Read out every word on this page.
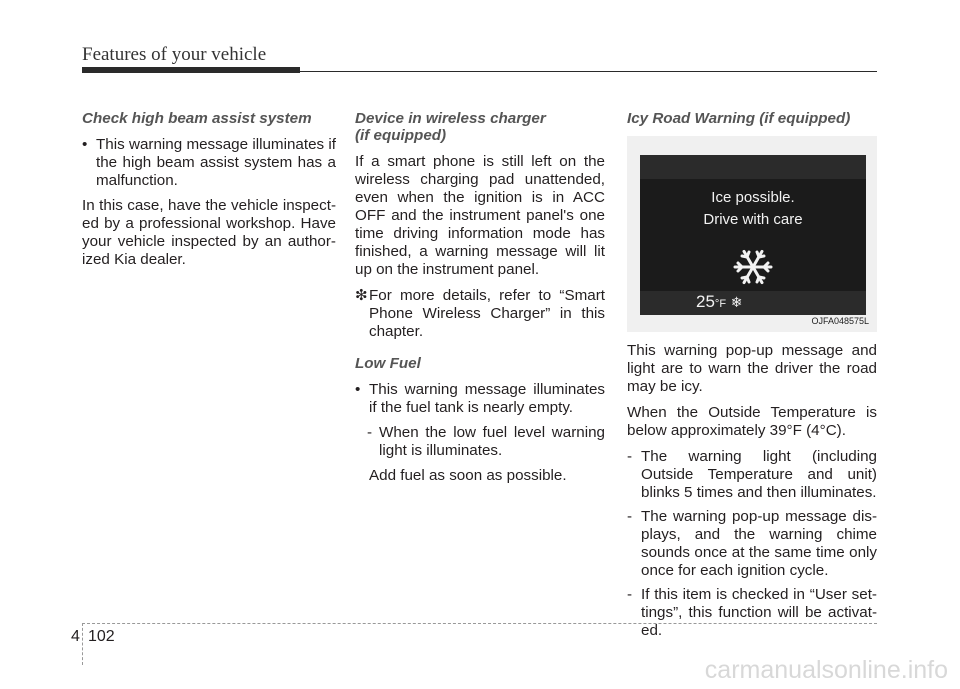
Features of your vehicle
Check high beam assist system
• This warning message illuminates if the high beam assist system has a malfunction.

In this case, have the vehicle inspect-ed by a professional workshop. Have your vehicle inspected by an author-ized Kia dealer.

Device in wireless charger
(if equipped)

If a smart phone is still left on the wireless charging pad unattended, even when the ignition is in ACC OFF and the instrument panel's one time driving information mode has finished, a warning message will lit up on the instrument panel.

❇ For more details, refer to “Smart Phone Wireless Charger” in this chapter.
Low Fuel
• This warning message illuminates if the fuel tank is nearly empty.
- When the low fuel level warning light is illuminates.

Add fuel as soon as possible.

Icy Road Warning (if equipped)
Ice possible.
Drive with care
25°F ❄
OJFA048575L

This warning pop-up message and light are to warn the driver the road may be icy.

When the Outside Temperature is below approximately 39°F (4°C).

- The warning light (including Outside Temperature and unit) blinks 5 times and then illuminates.
- The warning pop-up message dis-plays, and the warning chime sounds once at the same time only once for each ignition cycle.
- If this item is checked in “User set-tings”, this function will be activat-ed.
4 102
carmanualsonline.info
